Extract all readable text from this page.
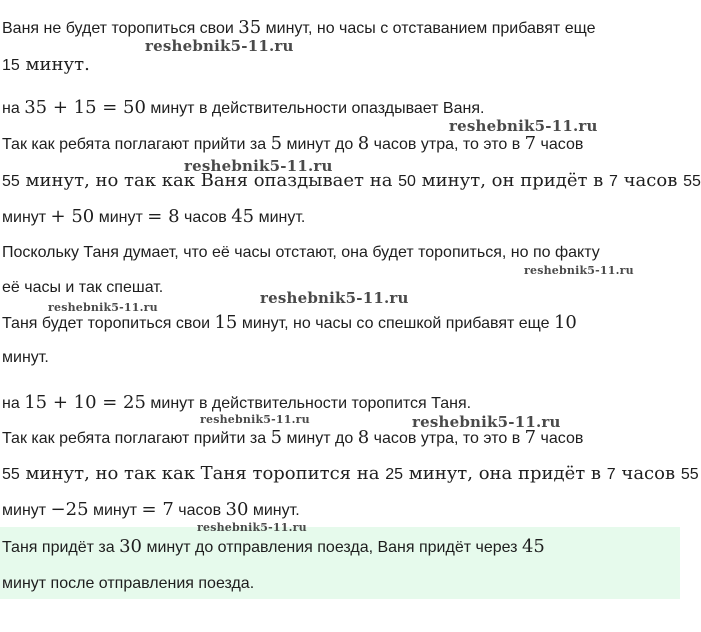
Ваня не будет торопиться свои 35 минут, но часы с отставанием прибавят еще
15 минут.
на 35 + 15 = 50 минут в действительности опаздывает Ваня.
Так как ребята поглагают прийти за 5 минут до 8 часов утра, то это в 7 часов
55 минут, но так как Ваня опаздывает на 50 минут, он придёт в 7 часов 55
минут + 50 минут = 8 часов 45 минут.
Поскольку Таня думает, что её часы отстают, она будет торопиться, но по факту
её часы и так спешат.
Таня будет торопиться свои 15 минут, но часы со спешкой прибавят еще 10
минут.
на 15 + 10 = 25 минут в действительности торопится Таня.
Так как ребята поглагают прийти за 5 минут до 8 часов утра, то это в 7 часов
55 минут, но так как Таня торопится на 25 минут, она придёт в 7 часов 55
минут −25 минут = 7 часов 30 минут.
Таня придёт за 30 минут до отправления поезда, Ваня придёт через 45
минут после отправления поезда.
reshebnik5-11.ru
reshebnik5-11.ru
reshebnik5-11.ru
reshebnik5-11.ru
reshebnik5-11.ru
reshebnik5-11.ru
reshebnik5-11.ru	reshebnik5-11.ru
reshebnik5-11.ru
